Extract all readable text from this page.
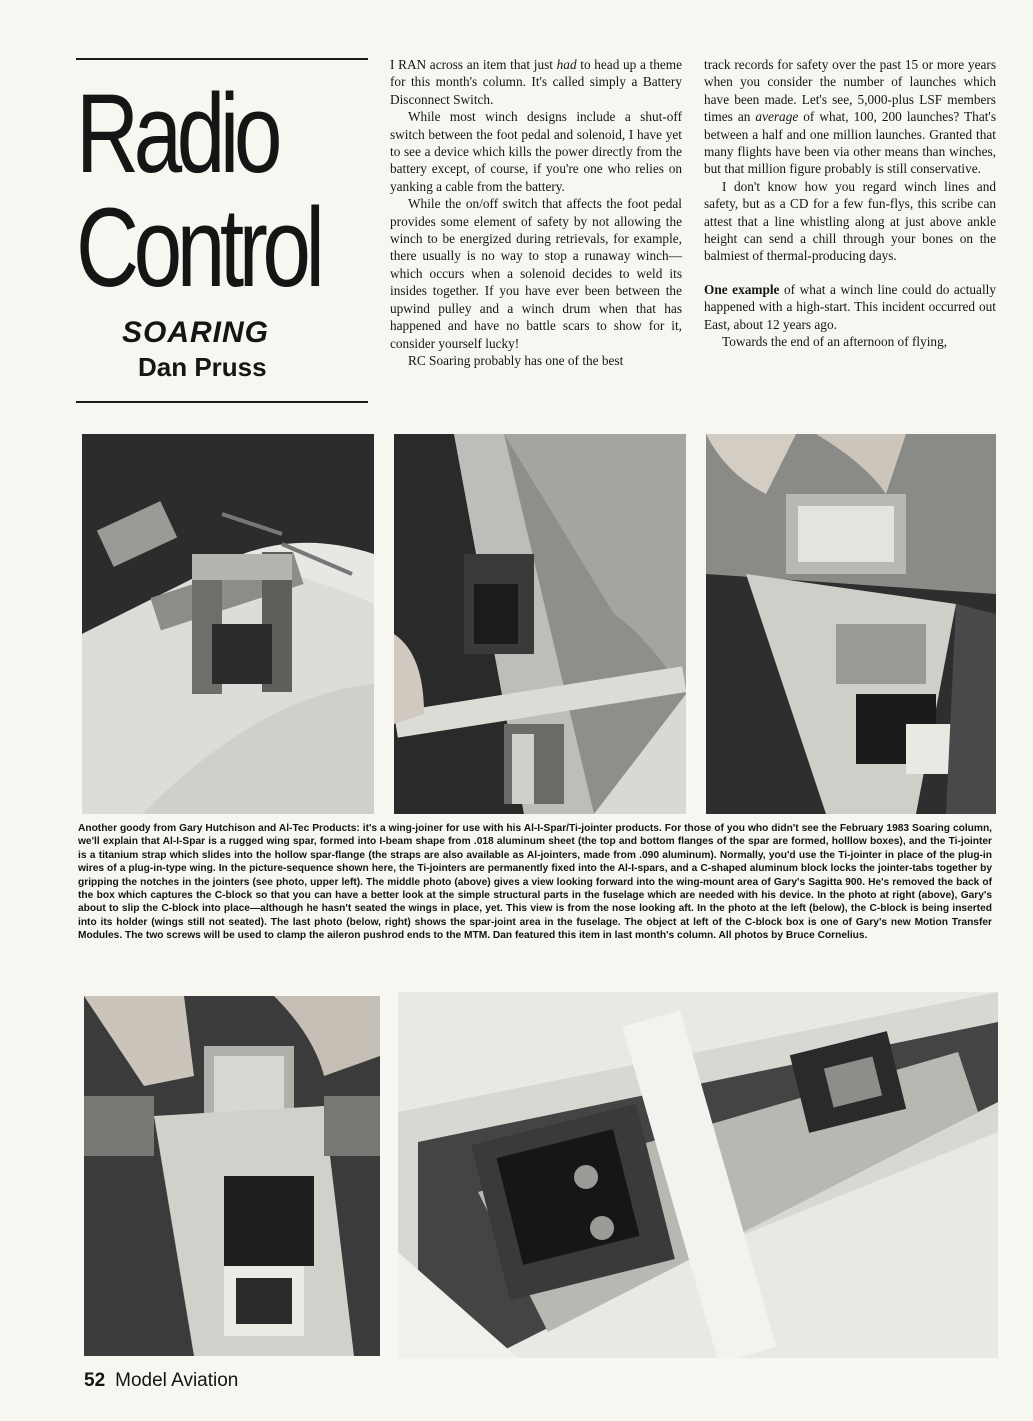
Radio
Control
SOARING
Dan Pruss

I RAN across an item that just had to head up a theme for this month's column. It's called simply a Battery Disconnect Switch.

While most winch designs include a shut-off switch between the foot pedal and solenoid, I have yet to see a device which kills the power directly from the battery except, of course, if you're one who relies on yanking a cable from the battery.

While the on/off switch that affects the foot pedal provides some element of safety by not allowing the winch to be energized during retrievals, for example, there usually is no way to stop a runaway winch—which occurs when a solenoid decides to weld its insides together. If you have ever been between the upwind pulley and a winch drum when that has happened and have no battle scars to show for it, consider yourself lucky!

RC Soaring probably has one of the best

track records for safety over the past 15 or more years when you consider the number of launches which have been made. Let's see, 5,000-plus LSF members times an average of what, 100, 200 launches? That's between a half and one million launches. Granted that many flights have been via other means than winches, but that million figure probably is still conservative.

I don't know how you regard winch lines and safety, but as a CD for a few fun-flys, this scribe can attest that a line whistling along at just above ankle height can send a chill through your bones on the balmiest of thermal-producing days.

One example of what a winch line could do actually happened with a high-start. This incident occurred out East, about 12 years ago.

Towards the end of an afternoon of flying,

Another goody from Gary Hutchison and Al-Tec Products: it's a wing-joiner for use with his Al-I-Spar/Ti-jointer products. For those of you who didn't see the February 1983 Soaring column, we'll explain that Al-I-Spar is a rugged wing spar, formed into I-beam shape from .018 aluminum sheet (the top and bottom flanges of the spar are formed, holllow boxes), and the Ti-jointer is a titanium strap which slides into the hollow spar-flange (the straps are also available as Al-jointers, made from .090 aluminum). Normally, you'd use the Ti-jointer in place of the plug-in wires of a plug-in-type wing. In the picture-sequence shown here, the Ti-jointers are permanently fixed into the Al-I-spars, and a C-shaped aluminum block locks the jointer-tabs together by gripping the notches in the jointers (see photo, upper left). The middle photo (above) gives a view looking forward into the wing-mount area of Gary's Sagitta 900. He's removed the back of the box which captures the C-block so that you can have a better look at the simple structural parts in the fuselage which are needed with his device. In the photo at right (above), Gary's about to slip the C-block into place—although he hasn't seated the wings in place, yet. This view is from the nose looking aft. In the photo at the left (below), the C-block is being inserted into its holder (wings still not seated). The last photo (below, right) shows the spar-joint area in the fuselage. The object at left of the C-block box is one of Gary's new Motion Transfer Modules. The two screws will be used to clamp the aileron pushrod ends to the MTM. Dan featured this item in last month's column. All photos by Bruce Cornelius.
52 Model Aviation
